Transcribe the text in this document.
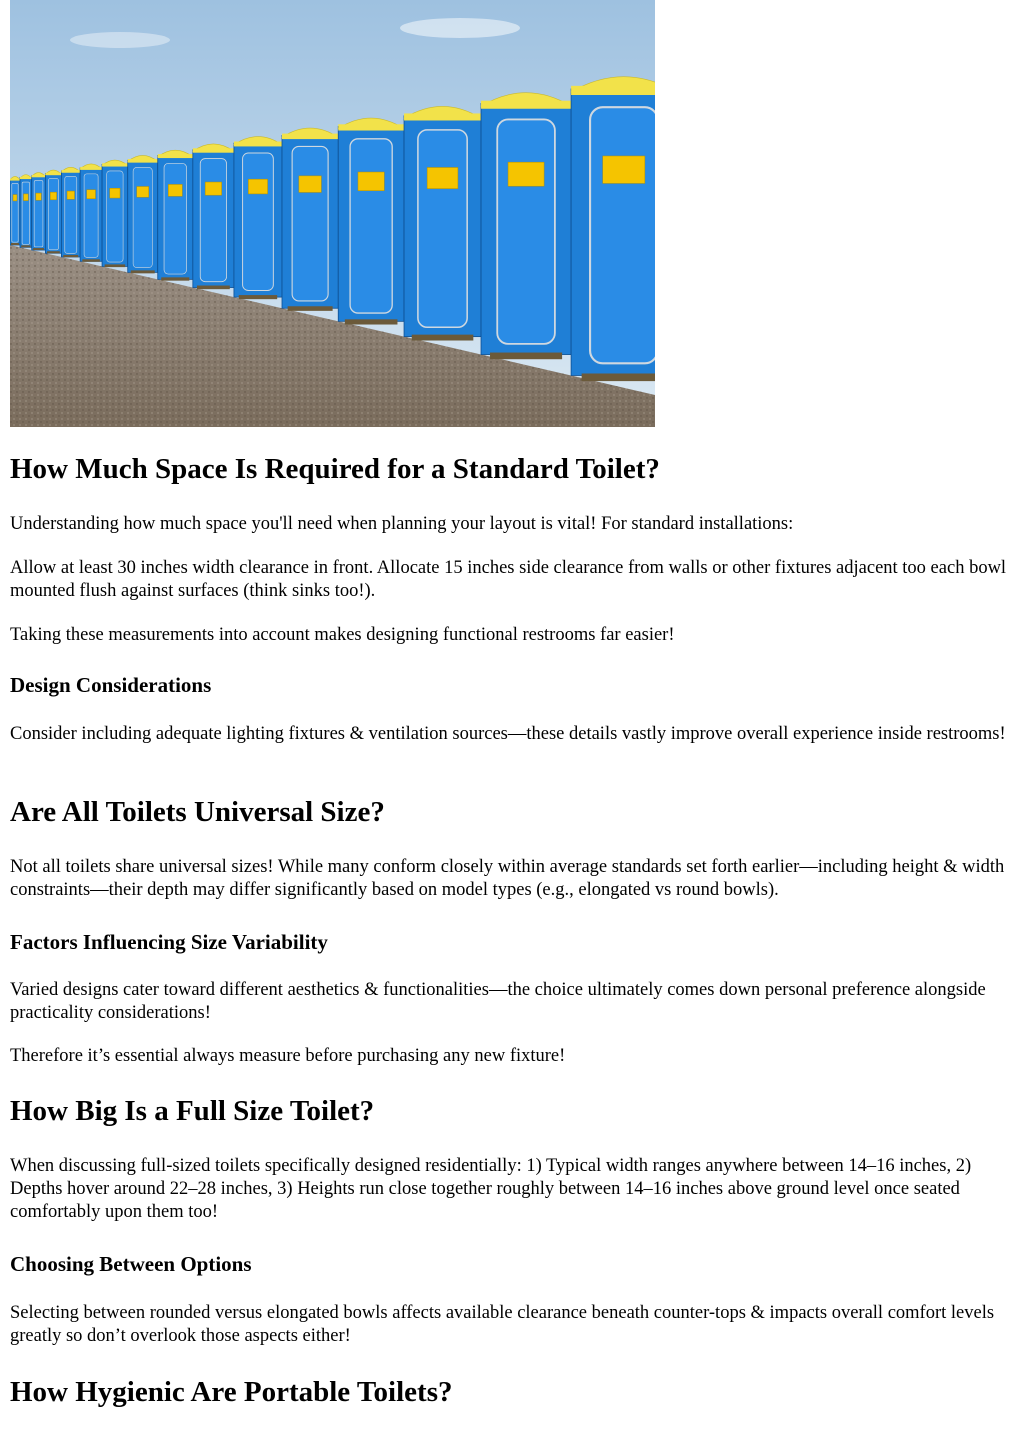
How Much Space Is Required for a Standard Toilet?

Understanding how much space you'll need when planning your layout is vital! For standard installations:

Allow at least 30 inches width clearance in front. Allocate 15 inches side clearance from walls or other fixtures adjacent too each bowl mounted flush against surfaces (think sinks too!).

Taking these measurements into account makes designing functional restrooms far easier!

Design Considerations

Consider including adequate lighting fixtures & ventilation sources—these details vastly improve overall experience inside restrooms!

Are All Toilets Universal Size?

Not all toilets share universal sizes! While many conform closely within average standards set forth earlier—including height & width constraints—their depth may differ significantly based on model types (e.g., elongated vs round bowls).

Factors Influencing Size Variability

Varied designs cater toward different aesthetics & functionalities—the choice ultimately comes down personal preference alongside practicality considerations!

Therefore it’s essential always measure before purchasing any new fixture!

How Big Is a Full Size Toilet?

When discussing full-sized toilets specifically designed residentially: 1) Typical width ranges anywhere between 14–16 inches, 2) Depths hover around 22–28 inches, 3) Heights run close together roughly between 14–16 inches above ground level once seated comfortably upon them too!

Choosing Between Options

Selecting between rounded versus elongated bowls affects available clearance beneath counter-tops & impacts overall comfort levels greatly so don’t overlook those aspects either!

How Hygienic Are Portable Toilets?
